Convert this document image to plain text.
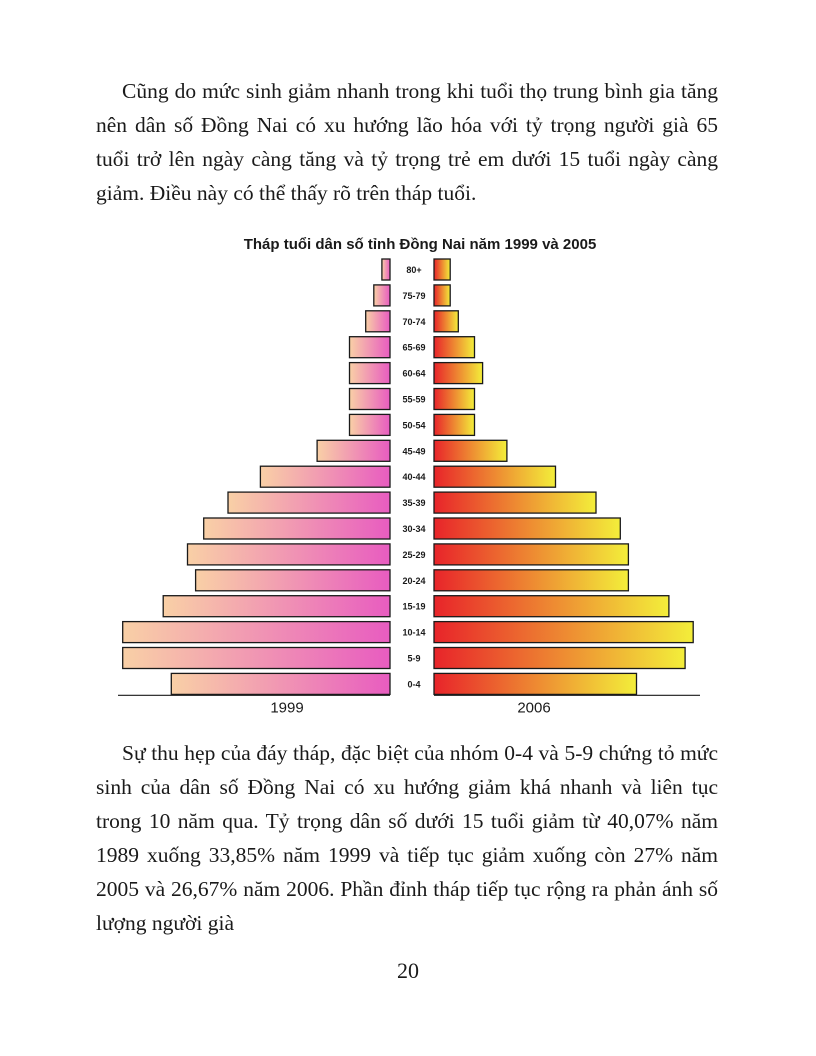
Cũng do mức sinh giảm nhanh trong khi tuổi thọ trung bình gia tăng nên dân số Đồng Nai có xu hướng lão hóa với tỷ trọng người già 65 tuổi trở lên ngày càng tăng và tỷ trọng trẻ em dưới 15 tuổi ngày càng giảm. Điều này có thể thấy rõ trên tháp tuổi.

Tháp tuổi dân số tỉnh Đồng Nai năm 1999 và 2005
80+
75-79
70-74
65-69
60-64
55-59
50-54
45-49
40-44
35-39
30-34
25-29
20-24
15-19
10-14
5-9
0-4
1999	2006

Sự thu hẹp của đáy tháp, đặc biệt của nhóm 0-4 và 5-9 chứng tỏ mức sinh của dân số Đồng Nai có xu hướng giảm khá nhanh và liên tục trong 10 năm qua. Tỷ trọng dân số dưới 15 tuổi giảm từ 40,07% năm 1989 xuống 33,85% năm 1999 và tiếp tục giảm xuống còn 27% năm 2005 và 26,67% năm 2006. Phần đỉnh tháp tiếp tục rộng ra phản ánh số lượng người già

20
